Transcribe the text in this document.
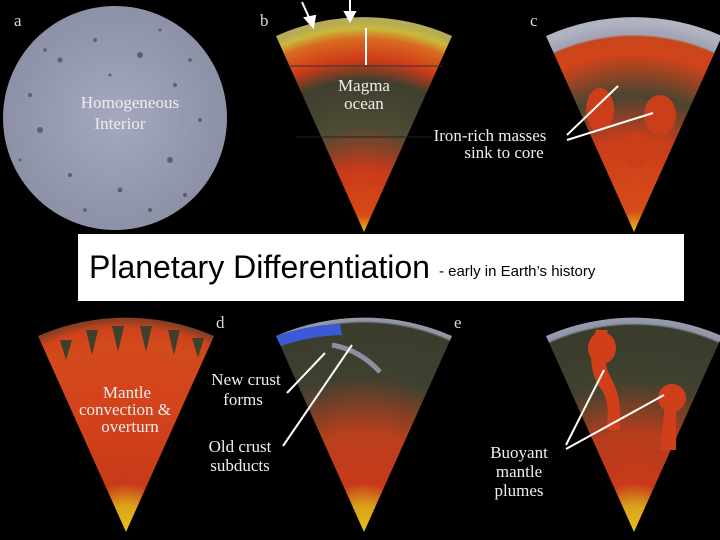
a
Homogeneous
Interior
b
Magma
ocean
c
Iron-rich masses
sink to core
Mantle
convection &
overturn
d
New crust
forms
Old crust
subducts
e
Buoyant
mantle
plumes
Planetary Differentiation - early in Earth’s history
